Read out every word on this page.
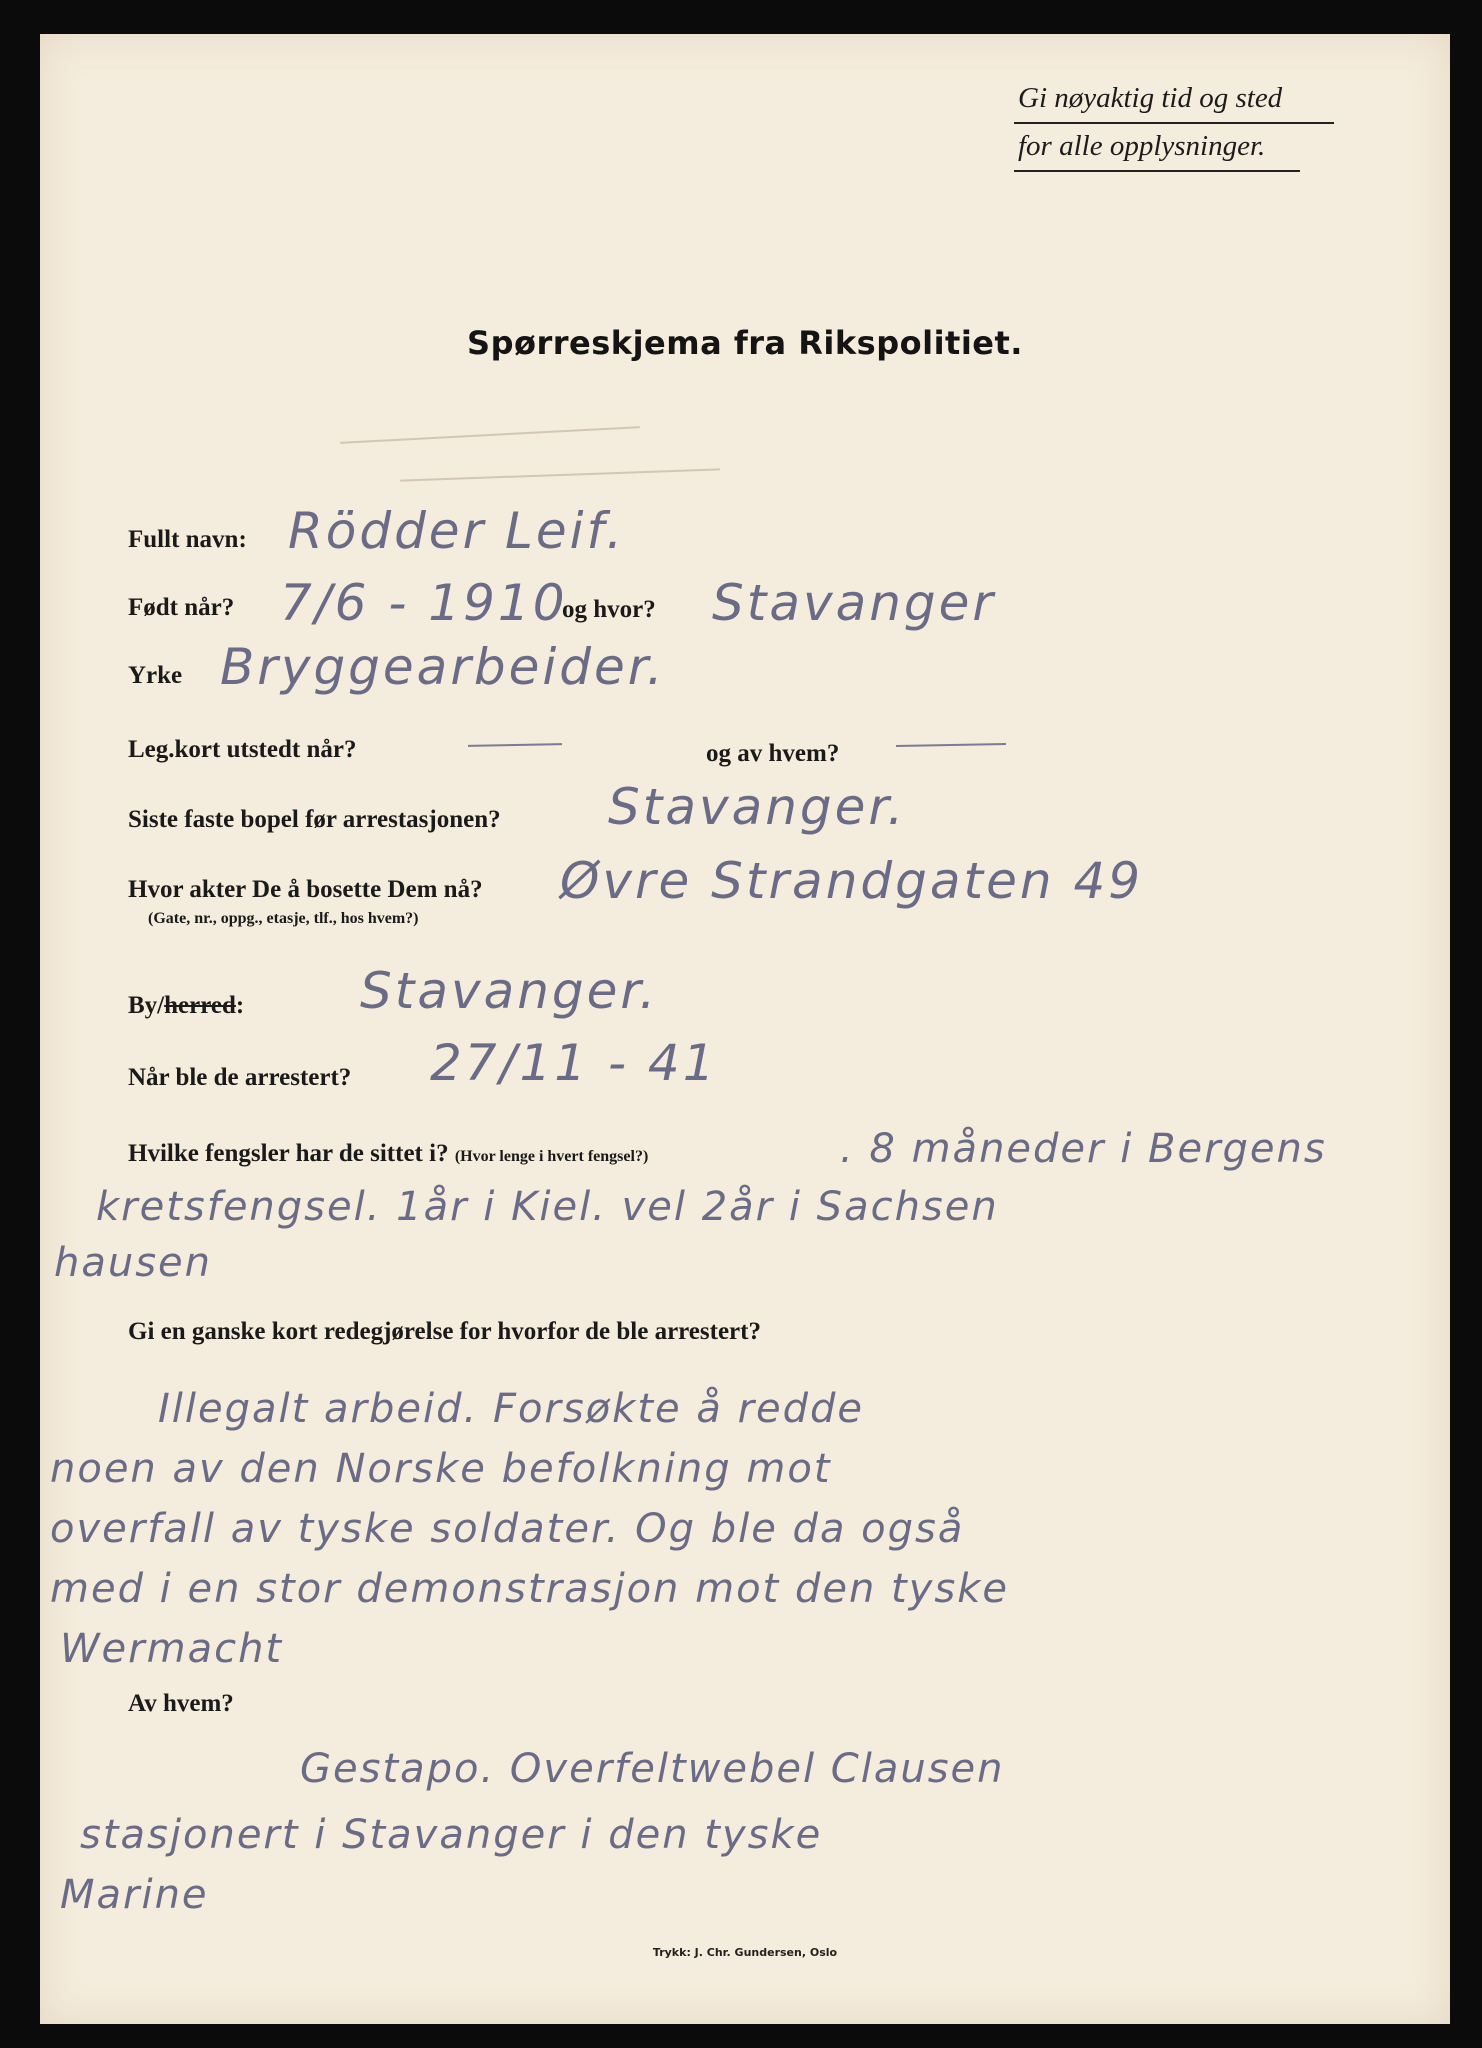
Gi nøyaktig tid og sted
for alle opplysninger.
Spørreskjema fra Rikspolitiet.
Fullt navn: Rödder Leif.
Født når? 7/6 - 1910
og hvor? Stavanger
Yrke Bryggearbeider.
Leg.kort utstedt når?	og av hvem?
Siste faste bopel før arrestasjonen? Stavanger.
Hvor akter De å bosette Dem nå?
(Gate, nr., oppg., etasje, tlf., hos hvem?)
Øvre Strandgaten 49
By/herred: Stavanger.
Når ble de arrestert? 27/11 - 41
Hvilke fengsler har de sittet i? (Hvor lenge i hvert fengsel?)	. 8 måneder i Bergens
kretsfengsel. 1år i Kiel. vel 2år i Sachsen
hausen
Gi en ganske kort redegjørelse for hvorfor de ble arrestert?
Illegalt arbeid. Forsøkte å redde
noen av den Norske befolkning mot
overfall av tyske soldater. Og ble da også
med i en stor demonstrasjon mot den tyske
Wermacht
Av hvem?
Gestapo. Overfeltwebel Clausen
stasjonert i Stavanger i den tyske
Marine
Trykk: J. Chr. Gundersen, Oslo
